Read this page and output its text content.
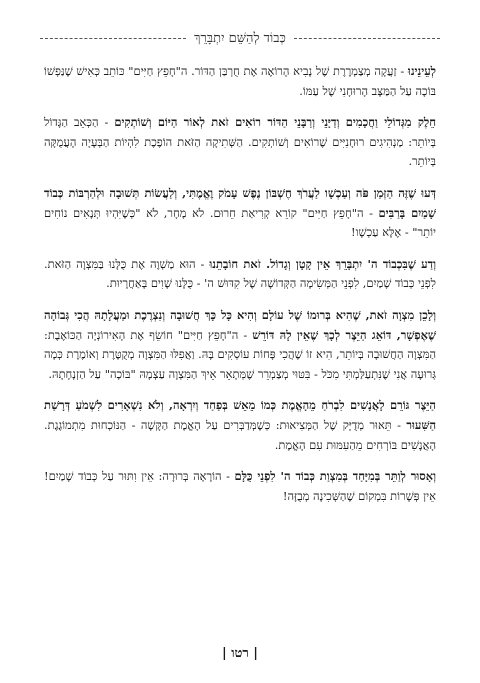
כְּבוֹד לְהַשֵּׁם יִתְבָּרֵךְ

לְעֵינֵינוּ - זַעֲקָה מְצַמְרֶרֶת שֶׁל נָבִיא הָרוֹאֶה אֶת חֻרְבַּן הַדּוֹר. ה"חָפֵץ חַיִּים" כּוֹתֵב כְּאִישׁ שֶׁנַּפְשׁוֹ בּוֹכָה עַל הַמַּצָּב הָרוּחָנִי שֶׁל עַמּוֹ.

חֵלֶק מִגְּדוֹלֵי וַחֲכָמִים וְדַיָּנֵי וְרַבָּנֵי הַדּוֹר רוֹאִים זֹאת לְאוֹר הַיּוֹם וְשׁוֹתְקִים - הַכְּאֵב הַגָּדוֹל בְּיוֹתֵר: מַנְהִיגִים רוּחָנִיִּים שֶׁרוֹאִים וְשׁוֹתְקִים. הַשְּׁתִיקָה הַזֹּאת הוֹפֶכֶת לִהְיוֹת הַבְּעָיָה הָעֲמֻקָּה בְּיוֹתֵר.

דְּעוּ שֶׁזֶּה הַזְּמַן פֹּה וְעַכְשָׁו לַעֲרֹךְ חֶשְׁבּוֹן נֶפֶשׁ עָמֹק וֶאֱמֶתִּי, וְלַעֲשׂוֹת תְּשׁוּבָה וּלְהַרְבּוֹת כְּבוֹד שָׁמַיִם בָּרַבִּים - ה"חָפֵץ חַיִּים" קוֹרֵא קְרִיאַת חֵרוּם. לֹא מָחָר, לֹא "כְּשֶׁיִּהְיוּ תְּנָאִים נוֹחִים יוֹתֵר" - אֶלָּא עַכְשָׁו!

וְדַע שֶׁבִּכְבוֹד ה' יִתְבָּרֵךְ אֵין קָטָן וְגָדוֹל. זֹאת חוֹבָתֵנוּ - הוּא מַשְׁוֶה אֶת כֻּלָּנוּ בַּמִּצְוָה הַזֹּאת. לִפְנֵי כְּבוֹד שָׁמַיִם, לִפְנֵי הַמְּשִׂימָה הַקְּדוֹשָׁה שֶׁל קִדּוּשׁ ה' - כֻּלָּנוּ שָׁוִים בָּאַחֲרָיוּת.

וְלָכֵן מִצְוָה זֹאת, שֶׁהִיא בְּרוּמוֹ שֶׁל עוֹלָם וְהִיא כָּל כָּךְ חֲשׁוּבָה וְנִצְרֶכֶת וּמַעֲלָתָהּ הֲכִי גְּבוֹהָה שֶׁאֶפְשָׁר, דּוֹאֵג הַיֵּצֶר לְכָךְ שֶׁאֵין לָהּ דּוֹרֵשׁ - ה"חָפֵץ חַיִּים" חוֹשֵׂף אֶת הָאִירוֹנְיָה הַכּוֹאֶבֶת: הַמִּצְוָה הַחֲשׁוּבָה בְּיוֹתֵר, הִיא זוֹ שֶׁהֲכִי פָּחוֹת עוֹסְקִים בָּהּ. וַאֲפִלּוּ הַמִּצְוָה מְקֻטֶּרֶת וְאוֹמֶרֶת כְּמָה גְּרוּעָה אֲנִי שֶׁנִּתְעַלַּמְתִּי מִכֹּל - בִּטּוּי מְצַמְרֵר שֶׁמְּתָאֵר אֵיךְ הַמִּצְוָה עַצְמָהּ "בּוֹכָה" עַל הַזְנָחָתָהּ.

הַיֵּצֶר גּוֹרֵם לָאֲנָשִׁים לִבְרֹחַ מֵהָאֱמֶת כְּמוֹ מֵאֵשׁ בְּפַחַד וְיִרְאָה, וְלֹא נִשְׁאָרִים לִשְׁמֹעַ דְּרָשַׁת הַשִּׁעוּר - תֵּאוּר מְדֻיָּק שֶׁל הַמְּצִיאוּת: כְּשֶׁמְּדַבְּרִים עַל הָאֱמֶת הַקָּשָׁה - הַנּוֹכְחוּת מִתְמוֹגֶגֶת. הָאֲנָשִׁים בּוֹרְחִים מֵהַעִמּוּת עִם הָאֱמֶת.

וְאָסוּר לְוַתֵּר בְּמִיָּחַד בְּמִצְוַת כְּבוֹד ה' לִפְנֵי כֻּלָּם - הוֹרָאָה בְּרוּרָה: אֵין וִתּוּר עַל כְּבוֹד שָׁמַיִם! אֵין פְּשָׁרוֹת בִּמְקוֹם שֶׁהַשְּׁכִינָה מְבֻזָּה!

| רטו |
